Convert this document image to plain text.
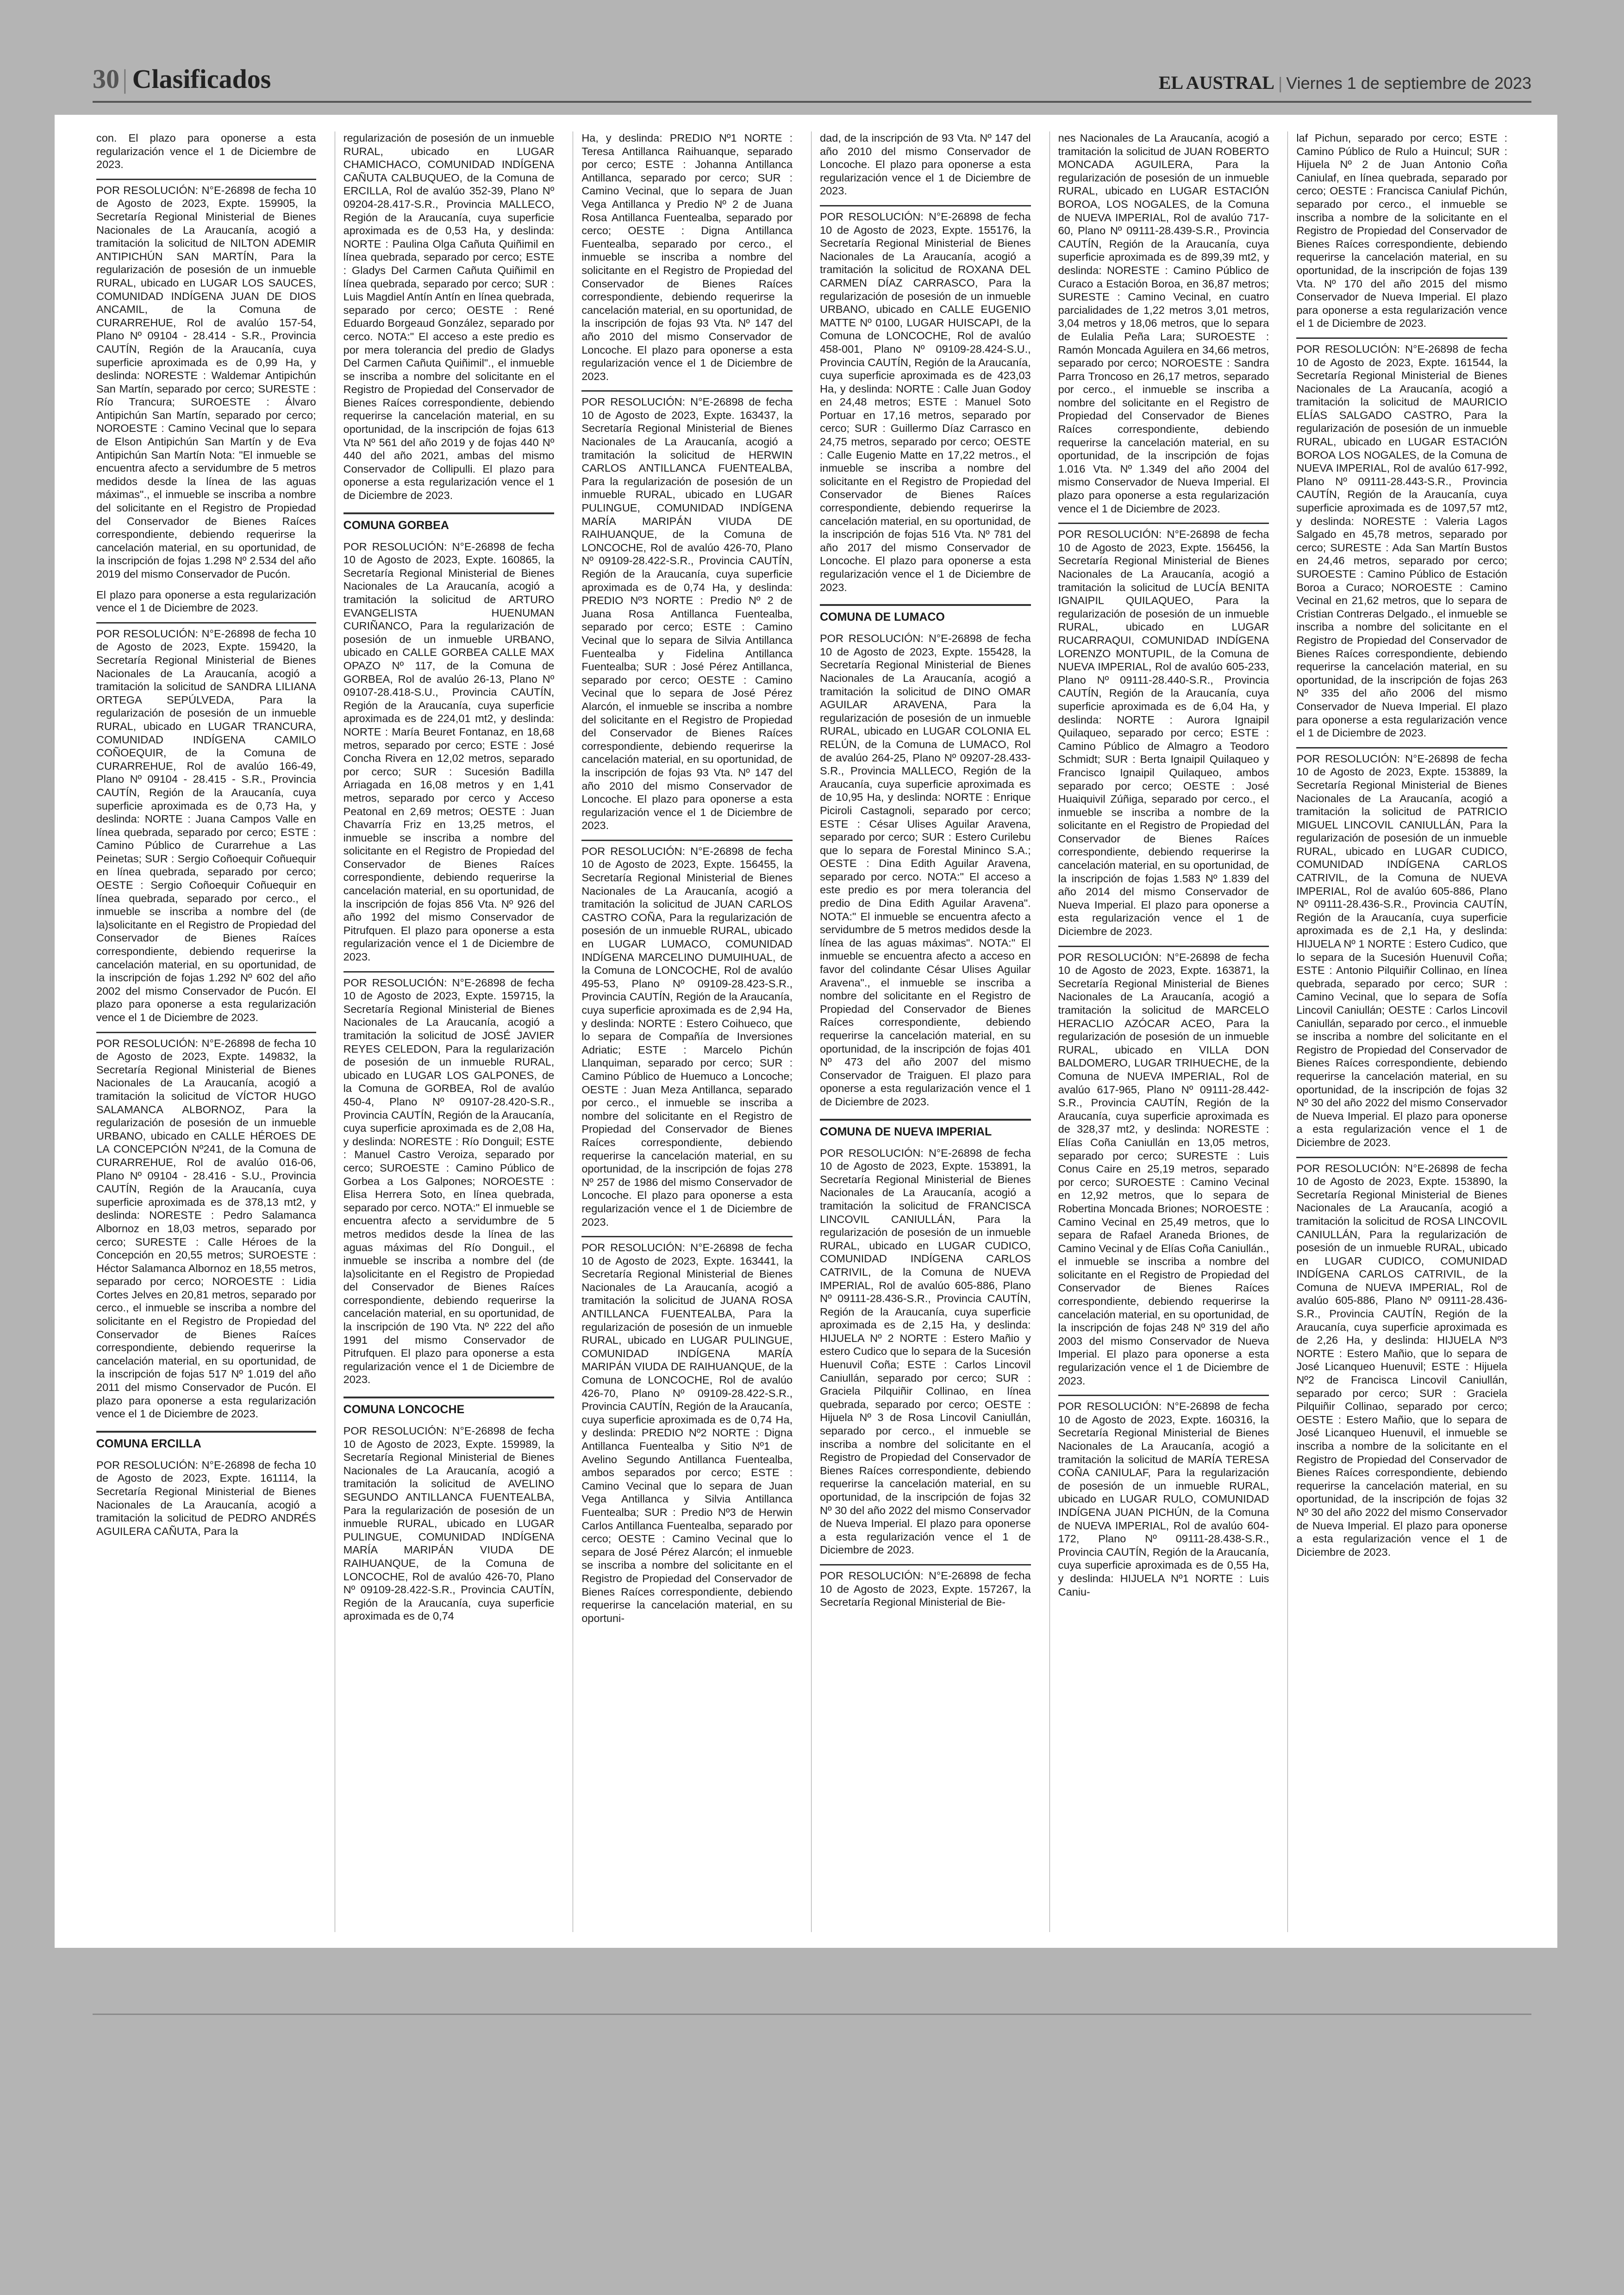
30 | Clasificados	EL AUSTRAL | Viernes 1 de septiembre de 2023

con. El plazo para oponerse a esta regularización vence el 1 de Diciembre de 2023.

POR RESOLUCIÓN: N°E-26898 de fecha 10 de Agosto de 2023, Expte. 159905, la Secretaría Regional Ministerial de Bienes Nacionales de La Araucanía, acogió a tramitación la solicitud de NILTON ADEMIR ANTIPICHÚN SAN MARTÍN, Para la regularización de posesión de un inmueble RURAL, ubicado en LUGAR LOS SAUCES, COMUNIDAD INDÍGENA JUAN DE DIOS ANCAMIL, de la Comuna de CURARREHUE, Rol de avalúo 157-54, Plano Nº 09104 - 28.414 - S.R., Provincia CAUTÍN, Región de la Araucanía, cuya superficie aproximada es de 0,99 Ha, y deslinda: NORESTE : Waldemar Antipichún San Martín, separado por cerco; SURESTE : Río Trancura; SUROESTE : Álvaro Antipichún San Martín, separado por cerco; NOROESTE : Camino Vecinal que lo separa de Elson Antipichún San Martín y de Eva Antipichún San Martín Nota: "El inmueble se encuentra afecto a servidumbre de 5 metros medidos desde la línea de las aguas máximas"., el inmueble se inscriba a nombre del solicitante en el Registro de Propiedad del Conservador de Bienes Raíces correspondiente, debiendo requerirse la cancelación material, en su oportunidad, de la inscripción de fojas 1.298 Nº 2.534 del año 2019 del mismo Conservador de Pucón.

El plazo para oponerse a esta regularización vence el 1 de Diciembre de 2023.

POR RESOLUCIÓN: N°E-26898 de fecha 10 de Agosto de 2023, Expte. 159420, la Secretaría Regional Ministerial de Bienes Nacionales de La Araucanía, acogió a tramitación la solicitud de SANDRA LILIANA ORTEGA SEPÚLVEDA, Para la regularización de posesión de un inmueble RURAL, ubicado en LUGAR TRANCURA, COMUNIDAD INDÍGENA CAMILO COÑOEQUIR, de la Comuna de CURARREHUE, Rol de avalúo 166-49, Plano Nº 09104 - 28.415 - S.R., Provincia CAUTÍN, Región de la Araucanía, cuya superficie aproximada es de 0,73 Ha, y deslinda: NORTE : Juana Campos Valle en línea quebrada, separado por cerco; ESTE : Camino Público de Curarrehue a Las Peinetas; SUR : Sergio Coñoequir Coñuequir en línea quebrada, separado por cerco; OESTE : Sergio Coñoequir Coñuequir en línea quebrada, separado por cerco., el inmueble se inscriba a nombre del (de la)solicitante en el Registro de Propiedad del Conservador de Bienes Raíces correspondiente, debiendo requerirse la cancelación material, en su oportunidad, de la inscripción de fojas 1.292 Nº 602 del año 2002 del mismo Conservador de Pucón. El plazo para oponerse a esta regularización vence el 1 de Diciembre de 2023.

POR RESOLUCIÓN: N°E-26898 de fecha 10 de Agosto de 2023, Expte. 149832, la Secretaría Regional Ministerial de Bienes Nacionales de La Araucanía, acogió a tramitación la solicitud de VÍCTOR HUGO SALAMANCA ALBORNOZ, Para la regularización de posesión de un inmueble URBANO, ubicado en CALLE HÉROES DE LA CONCEPCIÓN Nº241, de la Comuna de CURARREHUE, Rol de avalúo 016-06, Plano Nº 09104 - 28.416 - S.U., Provincia CAUTÍN, Región de la Araucanía, cuya superficie aproximada es de 378,13 mt2, y deslinda: NORESTE : Pedro Salamanca Albornoz en 18,03 metros, separado por cerco; SURESTE : Calle Héroes de la Concepción en 20,55 metros; SUROESTE : Héctor Salamanca Albornoz en 18,55 metros, separado por cerco; NOROESTE : Lidia Cortes Jelves en 20,81 metros, separado por cerco., el inmueble se inscriba a nombre del solicitante en el Registro de Propiedad del Conservador de Bienes Raíces correspondiente, debiendo requerirse la cancelación material, en su oportunidad, de la inscripción de fojas 517 Nº 1.019 del año 2011 del mismo Conservador de Pucón. El plazo para oponerse a esta regularización vence el 1 de Diciembre de 2023.

COMUNA ERCILLA

POR RESOLUCIÓN: N°E-26898 de fecha 10 de Agosto de 2023, Expte. 161114, la Secretaría Regional Ministerial de Bienes Nacionales de La Araucanía, acogió a tramitación la solicitud de PEDRO ANDRÉS AGUILERA CAÑUTA, Para la

regularización de posesión de un inmueble RURAL, ubicado en LUGAR CHAMICHACO, COMUNIDAD INDÍGENA CAÑUTA CALBUQUEO, de la Comuna de ERCILLA, Rol de avalúo 352-39, Plano Nº 09204-28.417-S.R., Provincia MALLECO, Región de la Araucanía, cuya superficie aproximada es de 0,53 Ha, y deslinda: NORTE : Paulina Olga Cañuta Quiñimil en línea quebrada, separado por cerco; ESTE : Gladys Del Carmen Cañuta Quiñimil en línea quebrada, separado por cerco; SUR : Luis Magdiel Antín Antín en línea quebrada, separado por cerco; OESTE : René Eduardo Borgeaud González, separado por cerco. NOTA:" El acceso a este predio es por mera tolerancia del predio de Gladys Del Carmen Cañuta Quiñimil"., el inmueble se inscriba a nombre del solicitante en el Registro de Propiedad del Conservador de Bienes Raíces correspondiente, debiendo requerirse la cancelación material, en su oportunidad, de la inscripción de fojas 613 Vta Nº 561 del año 2019 y de fojas 440 Nº 440 del año 2021, ambas del mismo Conservador de Collipulli. El plazo para oponerse a esta regularización vence el 1 de Diciembre de 2023.

COMUNA GORBEA

POR RESOLUCIÓN: N°E-26898 de fecha 10 de Agosto de 2023, Expte. 160865, la Secretaría Regional Ministerial de Bienes Nacionales de La Araucanía, acogió a tramitación la solicitud de ARTURO EVANGELISTA HUENUMAN CURIÑANCO, Para la regularización de posesión de un inmueble URBANO, ubicado en CALLE GORBEA CALLE MAX OPAZO Nº 117, de la Comuna de GORBEA, Rol de avalúo 26-13, Plano Nº 09107-28.418-S.U., Provincia CAUTÍN, Región de la Araucanía, cuya superficie aproximada es de 224,01 mt2, y deslinda: NORTE : María Beuret Fontanaz, en 18,68 metros, separado por cerco; ESTE : José Concha Rivera en 12,02 metros, separado por cerco; SUR : Sucesión Badilla Arriagada en 16,08 metros y en 1,41 metros, separado por cerco y Acceso Peatonal en 2,69 metros; OESTE : Juan Chavarría Friz en 13,25 metros, el inmueble se inscriba a nombre del solicitante en el Registro de Propiedad del Conservador de Bienes Raíces correspondiente, debiendo requerirse la cancelación material, en su oportunidad, de la inscripción de fojas 856 Vta. Nº 926 del año 1992 del mismo Conservador de Pitrufquen. El plazo para oponerse a esta regularización vence el 1 de Diciembre de 2023.

POR RESOLUCIÓN: N°E-26898 de fecha 10 de Agosto de 2023, Expte. 159715, la Secretaría Regional Ministerial de Bienes Nacionales de La Araucanía, acogió a tramitación la solicitud de JOSÉ JAVIER REYES CELEDON, Para la regularización de posesión de un inmueble RURAL, ubicado en LUGAR LOS GALPONES, de la Comuna de GORBEA, Rol de avalúo 450-4, Plano Nº 09107-28.420-S.R., Provincia CAUTÍN, Región de la Araucanía, cuya superficie aproximada es de 2,08 Ha, y deslinda: NORESTE : Río Donguil; ESTE : Manuel Castro Veroiza, separado por cerco; SUROESTE : Camino Público de Gorbea a Los Galpones; NOROESTE : Elisa Herrera Soto, en línea quebrada, separado por cerco. NOTA:" El inmueble se encuentra afecto a servidumbre de 5 metros medidos desde la línea de las aguas máximas del Río Donguil., el inmueble se inscriba a nombre del (de la)solicitante en el Registro de Propiedad del Conservador de Bienes Raíces correspondiente, debiendo requerirse la cancelación material, en su oportunidad, de la inscripción de 190 Vta. Nº 222 del año 1991 del mismo Conservador de Pitrufquen. El plazo para oponerse a esta regularización vence el 1 de Diciembre de 2023.

COMUNA LONCOCHE

POR RESOLUCIÓN: N°E-26898 de fecha 10 de Agosto de 2023, Expte. 159989, la Secretaría Regional Ministerial de Bienes Nacionales de La Araucanía, acogió a tramitación la solicitud de AVELINO SEGUNDO ANTILLANCA FUENTEALBA, Para la regularización de posesión de un inmueble RURAL, ubicado en LUGAR PULINGUE, COMUNIDAD INDÍGENA MARÍA MARIPÁN VIUDA DE RAIHUANQUE, de la Comuna de LONCOCHE, Rol de avalúo 426-70, Plano Nº 09109-28.422-S.R., Provincia CAUTÍN, Región de la Araucanía, cuya superficie aproximada es de 0,74

Ha, y deslinda: PREDIO Nº1 NORTE : Teresa Antillanca Raihuanque, separado por cerco; ESTE : Johanna Antillanca Antillanca, separado por cerco; SUR : Camino Vecinal, que lo separa de Juan Vega Antillanca y Predio Nº 2 de Juana Rosa Antillanca Fuentealba, separado por cerco; OESTE : Digna Antillanca Fuentealba, separado por cerco., el inmueble se inscriba a nombre del solicitante en el Registro de Propiedad del Conservador de Bienes Raíces correspondiente, debiendo requerirse la cancelación material, en su oportunidad, de la inscripción de fojas 93 Vta. Nº 147 del año 2010 del mismo Conservador de Loncoche. El plazo para oponerse a esta regularización vence el 1 de Diciembre de 2023.

POR RESOLUCIÓN: N°E-26898 de fecha 10 de Agosto de 2023, Expte. 163437, la Secretaría Regional Ministerial de Bienes Nacionales de La Araucanía, acogió a tramitación la solicitud de HERWIN CARLOS ANTILLANCA FUENTEALBA, Para la regularización de posesión de un inmueble RURAL, ubicado en LUGAR PULINGUE, COMUNIDAD INDÍGENA MARÍA MARIPÁN VIUDA DE RAIHUANQUE, de la Comuna de LONCOCHE, Rol de avalúo 426-70, Plano Nº 09109-28.422-S.R., Provincia CAUTÍN, Región de la Araucanía, cuya superficie aproximada es de 0,74 Ha, y deslinda: PREDIO Nº3 NORTE : Predio Nº 2 de Juana Rosa Antillanca Fuentealba, separado por cerco; ESTE : Camino Vecinal que lo separa de Silvia Antillanca Fuentealba y Fidelina Antillanca Fuentealba; SUR : José Pérez Antillanca, separado por cerco; OESTE : Camino Vecinal que lo separa de José Pérez Alarcón, el inmueble se inscriba a nombre del solicitante en el Registro de Propiedad del Conservador de Bienes Raíces correspondiente, debiendo requerirse la cancelación material, en su oportunidad, de la inscripción de fojas 93 Vta. Nº 147 del año 2010 del mismo Conservador de Loncoche. El plazo para oponerse a esta regularización vence el 1 de Diciembre de 2023.

POR RESOLUCIÓN: N°E-26898 de fecha 10 de Agosto de 2023, Expte. 156455, la Secretaría Regional Ministerial de Bienes Nacionales de La Araucanía, acogió a tramitación la solicitud de JUAN CARLOS CASTRO COÑA, Para la regularización de posesión de un inmueble RURAL, ubicado en LUGAR LUMACO, COMUNIDAD INDÍGENA MARCELINO DUMUIHUAL, de la Comuna de LONCOCHE, Rol de avalúo 495-53, Plano Nº 09109-28.423-S.R., Provincia CAUTÍN, Región de la Araucanía, cuya superficie aproximada es de 2,94 Ha, y deslinda: NORTE : Estero Coihueco, que lo separa de Compañía de Inversiones Adriatic; ESTE : Marcelo Pichún Llanquiman, separado por cerco; SUR : Camino Público de Huemuco a Loncoche; OESTE : Juan Meza Antillanca, separado por cerco., el inmueble se inscriba a nombre del solicitante en el Registro de Propiedad del Conservador de Bienes Raíces correspondiente, debiendo requerirse la cancelación material, en su oportunidad, de la inscripción de fojas 278 Nº 257 de 1986 del mismo Conservador de Loncoche. El plazo para oponerse a esta regularización vence el 1 de Diciembre de 2023.

POR RESOLUCIÓN: N°E-26898 de fecha 10 de Agosto de 2023, Expte. 163441, la Secretaría Regional Ministerial de Bienes Nacionales de La Araucanía, acogió a tramitación la solicitud de JUANA ROSA ANTILLANCA FUENTEALBA, Para la regularización de posesión de un inmueble RURAL, ubicado en LUGAR PULINGUE, COMUNIDAD INDÍGENA MARÍA MARIPÁN VIUDA DE RAIHUANQUE, de la Comuna de LONCOCHE, Rol de avalúo 426-70, Plano Nº 09109-28.422-S.R., Provincia CAUTÍN, Región de la Araucanía, cuya superficie aproximada es de 0,74 Ha, y deslinda: PREDIO Nº2 NORTE : Digna Antillanca Fuentealba y Sitio Nº1 de Avelino Segundo Antillanca Fuentealba, ambos separados por cerco; ESTE : Camino Vecinal que lo separa de Juan Vega Antillanca y Silvia Antillanca Fuentealba; SUR : Predio Nº3 de Herwin Carlos Antillanca Fuentealba, separado por cerco; OESTE : Camino Vecinal que lo separa de José Pérez Alarcón; el inmueble se inscriba a nombre del solicitante en el Registro de Propiedad del Conservador de Bienes Raíces correspondiente, debiendo requerirse la cancelación material, en su oportuni-

dad, de la inscripción de 93 Vta. Nº 147 del año 2010 del mismo Conservador de Loncoche. El plazo para oponerse a esta regularización vence el 1 de Diciembre de 2023.

POR RESOLUCIÓN: N°E-26898 de fecha 10 de Agosto de 2023, Expte. 155176, la Secretaría Regional Ministerial de Bienes Nacionales de La Araucanía, acogió a tramitación la solicitud de ROXANA DEL CARMEN DÍAZ CARRASCO, Para la regularización de posesión de un inmueble URBANO, ubicado en CALLE EUGENIO MATTE Nº 0100, LUGAR HUISCAPI, de la Comuna de LONCOCHE, Rol de avalúo 458-001, Plano Nº 09109-28.424-S.U., Provincia CAUTÍN, Región de la Araucanía, cuya superficie aproximada es de 423,03 Ha, y deslinda: NORTE : Calle Juan Godoy en 24,48 metros; ESTE : Manuel Soto Portuar en 17,16 metros, separado por cerco; SUR : Guillermo Díaz Carrasco en 24,75 metros, separado por cerco; OESTE : Calle Eugenio Matte en 17,22 metros., el inmueble se inscriba a nombre del solicitante en el Registro de Propiedad del Conservador de Bienes Raíces correspondiente, debiendo requerirse la cancelación material, en su oportunidad, de la inscripción de fojas 516 Vta. Nº 781 del año 2017 del mismo Conservador de Loncoche. El plazo para oponerse a esta regularización vence el 1 de Diciembre de 2023.

COMUNA DE LUMACO

POR RESOLUCIÓN: N°E-26898 de fecha 10 de Agosto de 2023, Expte. 155428, la Secretaría Regional Ministerial de Bienes Nacionales de La Araucanía, acogió a tramitación la solicitud de DINO OMAR AGUILAR ARAVENA, Para la regularización de posesión de un inmueble RURAL, ubicado en LUGAR COLONIA EL RELÚN, de la Comuna de LUMACO, Rol de avalúo 264-25, Plano Nº 09207-28.433-S.R., Provincia MALLECO, Región de la Araucanía, cuya superficie aproximada es de 10,95 Ha, y deslinda: NORTE : Enrique Piciroli Castagnoli, separado por cerco; ESTE : César Ulises Aguilar Aravena, separado por cerco; SUR : Estero Curilebu que lo separa de Forestal Mininco S.A.; OESTE : Dina Edith Aguilar Aravena, separado por cerco. NOTA:" El acceso a este predio es por mera tolerancia del predio de Dina Edith Aguilar Aravena". NOTA:" El inmueble se encuentra afecto a servidumbre de 5 metros medidos desde la línea de las aguas máximas". NOTA:" El inmueble se encuentra afecto a acceso en favor del colindante César Ulises Aguilar Aravena"., el inmueble se inscriba a nombre del solicitante en el Registro de Propiedad del Conservador de Bienes Raíces correspondiente, debiendo requerirse la cancelación material, en su oportunidad, de la inscripción de fojas 401 Nº 473 del año 2007 del mismo Conservador de Traiguen. El plazo para oponerse a esta regularización vence el 1 de Diciembre de 2023.

COMUNA DE NUEVA IMPERIAL

POR RESOLUCIÓN: N°E-26898 de fecha 10 de Agosto de 2023, Expte. 153891, la Secretaría Regional Ministerial de Bienes Nacionales de La Araucanía, acogió a tramitación la solicitud de FRANCISCA LINCOVIL CANIULLÁN, Para la regularización de posesión de un inmueble RURAL, ubicado en LUGAR CUDICO, COMUNIDAD INDÍGENA CARLOS CATRIVIL, de la Comuna de NUEVA IMPERIAL, Rol de avalúo 605-886, Plano Nº 09111-28.436-S.R., Provincia CAUTÍN, Región de la Araucanía, cuya superficie aproximada es de 2,15 Ha, y deslinda: HIJUELA Nº 2 NORTE : Estero Mañio y estero Cudico que lo separa de la Sucesión Huenuvil Coña; ESTE : Carlos Lincovil Caniullán, separado por cerco; SUR : Graciela Pilquiñir Collinao, en línea quebrada, separado por cerco; OESTE : Hijuela Nº 3 de Rosa Lincovil Caniullán, separado por cerco., el inmueble se inscriba a nombre del solicitante en el Registro de Propiedad del Conservador de Bienes Raíces correspondiente, debiendo requerirse la cancelación material, en su oportunidad, de la inscripción de fojas 32 Nº 30 del año 2022 del mismo Conservador de Nueva Imperial. El plazo para oponerse a esta regularización vence el 1 de Diciembre de 2023.

POR RESOLUCIÓN: N°E-26898 de fecha 10 de Agosto de 2023, Expte. 157267, la Secretaría Regional Ministerial de Bie-

nes Nacionales de La Araucanía, acogió a tramitación la solicitud de JUAN ROBERTO MONCADA AGUILERA, Para la regularización de posesión de un inmueble RURAL, ubicado en LUGAR ESTACIÓN BOROA, LOS NOGALES, de la Comuna de NUEVA IMPERIAL, Rol de avalúo 717-60, Plano Nº 09111-28.439-S.R., Provincia CAUTÍN, Región de la Araucanía, cuya superficie aproximada es de 899,39 mt2, y deslinda: NORESTE : Camino Público de Curaco a Estación Boroa, en 36,87 metros; SURESTE : Camino Vecinal, en cuatro parcialidades de 1,22 metros 3,01 metros, 3,04 metros y 18,06 metros, que lo separa de Eulalia Peña Lara; SUROESTE : Ramón Moncada Aguilera en 34,66 metros, separado por cerco; NOROESTE : Sandra Parra Troncoso en 26,17 metros, separado por cerco., el inmueble se inscriba a nombre del solicitante en el Registro de Propiedad del Conservador de Bienes Raíces correspondiente, debiendo requerirse la cancelación material, en su oportunidad, de la inscripción de fojas 1.016 Vta. Nº 1.349 del año 2004 del mismo Conservador de Nueva Imperial. El plazo para oponerse a esta regularización vence el 1 de Diciembre de 2023.

POR RESOLUCIÓN: N°E-26898 de fecha 10 de Agosto de 2023, Expte. 156456, la Secretaría Regional Ministerial de Bienes Nacionales de La Araucanía, acogió a tramitación la solicitud de LUCÍA BENITA IGNAIPIL QUILAQUEO, Para la regularización de posesión de un inmueble RURAL, ubicado en LUGAR RUCARRAQUI, COMUNIDAD INDÍGENA LORENZO MONTUPIL, de la Comuna de NUEVA IMPERIAL, Rol de avalúo 605-233, Plano Nº 09111-28.440-S.R., Provincia CAUTÍN, Región de la Araucanía, cuya superficie aproximada es de 6,04 Ha, y deslinda: NORTE : Aurora Ignaipil Quilaqueo, separado por cerco; ESTE : Camino Público de Almagro a Teodoro Schmidt; SUR : Berta Ignaipil Quilaqueo y Francisco Ignaipil Quilaqueo, ambos separado por cerco; OESTE : José Huaiquivil Zúñiga, separado por cerco., el inmueble se inscriba a nombre de la solicitante en el Registro de Propiedad del Conservador de Bienes Raíces correspondiente, debiendo requerirse la cancelación material, en su oportunidad, de la inscripción de fojas 1.583 Nº 1.839 del año 2014 del mismo Conservador de Nueva Imperial. El plazo para oponerse a esta regularización vence el 1 de Diciembre de 2023.

POR RESOLUCIÓN: N°E-26898 de fecha 10 de Agosto de 2023, Expte. 163871, la Secretaría Regional Ministerial de Bienes Nacionales de La Araucanía, acogió a tramitación la solicitud de MARCELO HERACLIO AZÓCAR ACEO, Para la regularización de posesión de un inmueble RURAL, ubicado en VILLA DON BALDOMERO, LUGAR TRIHUECHE, de la Comuna de NUEVA IMPERIAL, Rol de avalúo 617-965, Plano Nº 09111-28.442-S.R., Provincia CAUTÍN, Región de la Araucanía, cuya superficie aproximada es de 328,37 mt2, y deslinda: NORESTE : Elías Coña Caniullán en 13,05 metros, separado por cerco; SURESTE : Luis Conus Caire en 25,19 metros, separado por cerco; SUROESTE : Camino Vecinal en 12,92 metros, que lo separa de Robertina Moncada Briones; NOROESTE : Camino Vecinal en 25,49 metros, que lo separa de Rafael Araneda Briones, de Camino Vecinal y de Elías Coña Caniullán., el inmueble se inscriba a nombre del solicitante en el Registro de Propiedad del Conservador de Bienes Raíces correspondiente, debiendo requerirse la cancelación material, en su oportunidad, de la inscripción de fojas 248 Nº 319 del año 2003 del mismo Conservador de Nueva Imperial. El plazo para oponerse a esta regularización vence el 1 de Diciembre de 2023.

POR RESOLUCIÓN: N°E-26898 de fecha 10 de Agosto de 2023, Expte. 160316, la Secretaría Regional Ministerial de Bienes Nacionales de La Araucanía, acogió a tramitación la solicitud de MARÍA TERESA COÑA CANIULAF, Para la regularización de posesión de un inmueble RURAL, ubicado en LUGAR RULO, COMUNIDAD INDÍGENA JUAN PICHÚN, de la Comuna de NUEVA IMPERIAL, Rol de avalúo 604-172, Plano Nº 09111-28.438-S.R., Provincia CAUTÍN, Región de la Araucanía, cuya superficie aproximada es de 0,55 Ha, y deslinda: HIJUELA Nº1 NORTE : Luis Caniu-

laf Pichun, separado por cerco; ESTE : Camino Público de Rulo a Huincul; SUR : Hijuela Nº 2 de Juan Antonio Coña Caniulaf, en línea quebrada, separado por cerco; OESTE : Francisca Caniulaf Pichún, separado por cerco., el inmueble se inscriba a nombre de la solicitante en el Registro de Propiedad del Conservador de Bienes Raíces correspondiente, debiendo requerirse la cancelación material, en su oportunidad, de la inscripción de fojas 139 Vta. Nº 170 del año 2015 del mismo Conservador de Nueva Imperial. El plazo para oponerse a esta regularización vence el 1 de Diciembre de 2023.

POR RESOLUCIÓN: N°E-26898 de fecha 10 de Agosto de 2023, Expte. 161544, la Secretaría Regional Ministerial de Bienes Nacionales de La Araucanía, acogió a tramitación la solicitud de MAURICIO ELÍAS SALGADO CASTRO, Para la regularización de posesión de un inmueble RURAL, ubicado en LUGAR ESTACIÓN BOROA LOS NOGALES, de la Comuna de NUEVA IMPERIAL, Rol de avalúo 617-992, Plano Nº 09111-28.443-S.R., Provincia CAUTÍN, Región de la Araucanía, cuya superficie aproximada es de 1097,57 mt2, y deslinda: NORESTE : Valeria Lagos Salgado en 45,78 metros, separado por cerco; SURESTE : Ada San Martín Bustos en 24,46 metros, separado por cerco; SUROESTE : Camino Público de Estación Boroa a Curaco; NOROESTE : Camino Vecinal en 21,62 metros, que lo separa de Cristian Contreras Delgado., el inmueble se inscriba a nombre del solicitante en el Registro de Propiedad del Conservador de Bienes Raíces correspondiente, debiendo requerirse la cancelación material, en su oportunidad, de la inscripción de fojas 263 Nº 335 del año 2006 del mismo Conservador de Nueva Imperial. El plazo para oponerse a esta regularización vence el 1 de Diciembre de 2023.

POR RESOLUCIÓN: N°E-26898 de fecha 10 de Agosto de 2023, Expte. 153889, la Secretaría Regional Ministerial de Bienes Nacionales de La Araucanía, acogió a tramitación la solicitud de PATRICIO MIGUEL LINCOVIL CANIULLÁN, Para la regularización de posesión de un inmueble RURAL, ubicado en LUGAR CUDICO, COMUNIDAD INDÍGENA CARLOS CATRIVIL, de la Comuna de NUEVA IMPERIAL, Rol de avalúo 605-886, Plano Nº 09111-28.436-S.R., Provincia CAUTÍN, Región de la Araucanía, cuya superficie aproximada es de 2,1 Ha, y deslinda: HIJUELA Nº 1 NORTE : Estero Cudico, que lo separa de la Sucesión Huenuvil Coña; ESTE : Antonio Pilquiñir Collinao, en línea quebrada, separado por cerco; SUR : Camino Vecinal, que lo separa de Sofía Lincovil Caniullán; OESTE : Carlos Lincovil Caniullán, separado por cerco., el inmueble se inscriba a nombre del solicitante en el Registro de Propiedad del Conservador de Bienes Raíces correspondiente, debiendo requerirse la cancelación material, en su oportunidad, de la inscripción de fojas 32 Nº 30 del año 2022 del mismo Conservador de Nueva Imperial. El plazo para oponerse a esta regularización vence el 1 de Diciembre de 2023.

POR RESOLUCIÓN: N°E-26898 de fecha 10 de Agosto de 2023, Expte. 153890, la Secretaría Regional Ministerial de Bienes Nacionales de La Araucanía, acogió a tramitación la solicitud de ROSA LINCOVIL CANIULLÁN, Para la regularización de posesión de un inmueble RURAL, ubicado en LUGAR CUDICO, COMUNIDAD INDÍGENA CARLOS CATRIVIL, de la Comuna de NUEVA IMPERIAL, Rol de avalúo 605-886, Plano Nº 09111-28.436-S.R., Provincia CAUTÍN, Región de la Araucanía, cuya superficie aproximada es de 2,26 Ha, y deslinda: HIJUELA Nº3 NORTE : Estero Mañio, que lo separa de José Licanqueo Huenuvil; ESTE : Hijuela Nº2 de Francisca Lincovil Caniullán, separado por cerco; SUR : Graciela Pilquiñir Collinao, separado por cerco; OESTE : Estero Mañio, que lo separa de José Licanqueo Huenuvil, el inmueble se inscriba a nombre de la solicitante en el Registro de Propiedad del Conservador de Bienes Raíces correspondiente, debiendo requerirse la cancelación material, en su oportunidad, de la inscripción de fojas 32 Nº 30 del año 2022 del mismo Conservador de Nueva Imperial. El plazo para oponerse a esta regularización vence el 1 de Diciembre de 2023.
